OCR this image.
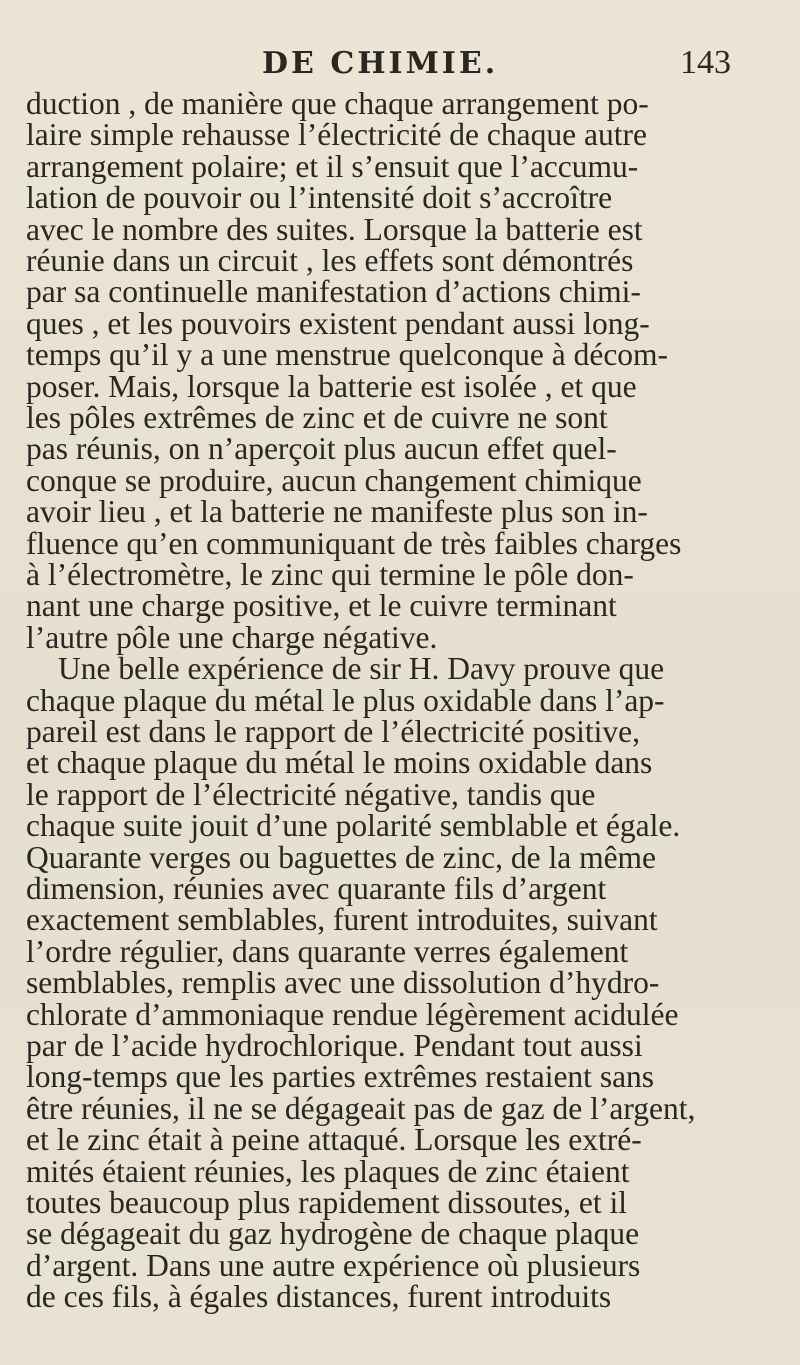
DE CHIMIE.	143
duction , de manière que chaque arrangement po-
laire simple rehausse l’électricité de chaque autre
arrangement polaire; et il s’ensuit que l’accumu-
lation de pouvoir ou l’intensité doit s’accroître
avec le nombre des suites. Lorsque la batterie est
réunie dans un circuit , les effets sont démontrés
par sa continuelle manifestation d’actions chimi-
ques , et les pouvoirs existent pendant aussi long-
temps qu’il y a une menstrue quelconque à décom-
poser. Mais, lorsque la batterie est isolée , et que
les pôles extrêmes de zinc et de cuivre ne sont
pas réunis, on n’aperçoit plus aucun effet quel-
conque se produire, aucun changement chimique
avoir lieu , et la batterie ne manifeste plus son in-
fluence qu’en communiquant de très faibles charges
à l’électromètre, le zinc qui termine le pôle don-
nant une charge positive, et le cuivre terminant
l’autre pôle une charge négative.
Une belle expérience de sir H. Davy prouve que
chaque plaque du métal le plus oxidable dans l’ap-
pareil est dans le rapport de l’électricité positive,
et chaque plaque du métal le moins oxidable dans
le rapport de l’électricité négative, tandis que
chaque suite jouit d’une polarité semblable et égale.
Quarante verges ou baguettes de zinc, de la même
dimension, réunies avec quarante fils d’argent
exactement semblables, furent introduites, suivant
l’ordre régulier, dans quarante verres également
semblables, remplis avec une dissolution d’hydro-
chlorate d’ammoniaque rendue légèrement acidulée
par de l’acide hydrochlorique. Pendant tout aussi
long-temps que les parties extrêmes restaient sans
être réunies, il ne se dégageait pas de gaz de l’argent,
et le zinc était à peine attaqué. Lorsque les extré-
mités étaient réunies, les plaques de zinc étaient
toutes beaucoup plus rapidement dissoutes, et il
se dégageait du gaz hydrogène de chaque plaque
d’argent. Dans une autre expérience où plusieurs
de ces fils, à égales distances, furent introduits
